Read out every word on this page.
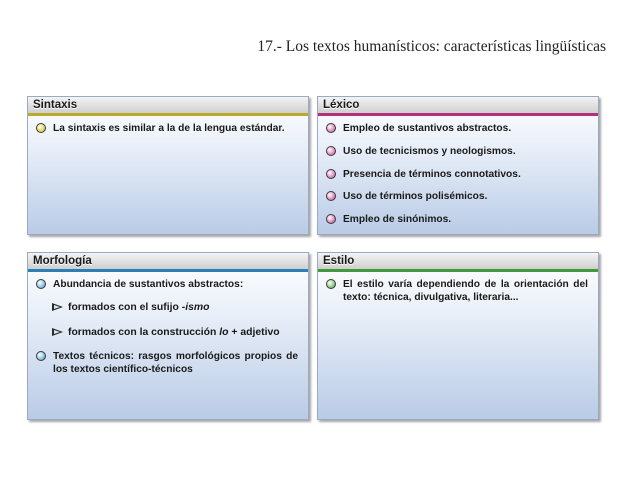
17.- Los textos humanísticos: características lingüísticas
Sintaxis
La sintaxis es similar a la de la lengua estándar.
Léxico
Empleo de sustantivos abstractos.
Uso de tecnicismos y neologismos.
Presencia de términos connotativos.
Uso de términos polisémicos.
Empleo de sinónimos.
Morfología
Abundancia de sustantivos abstractos:
formados con el sufijo -ismo
formados con la construcción lo + adjetivo
Textos técnicos: rasgos morfológicos propios de los textos científico-técnicos
Estilo
El estilo varía dependiendo de la orientación del texto: técnica, divulgativa, literaria...
